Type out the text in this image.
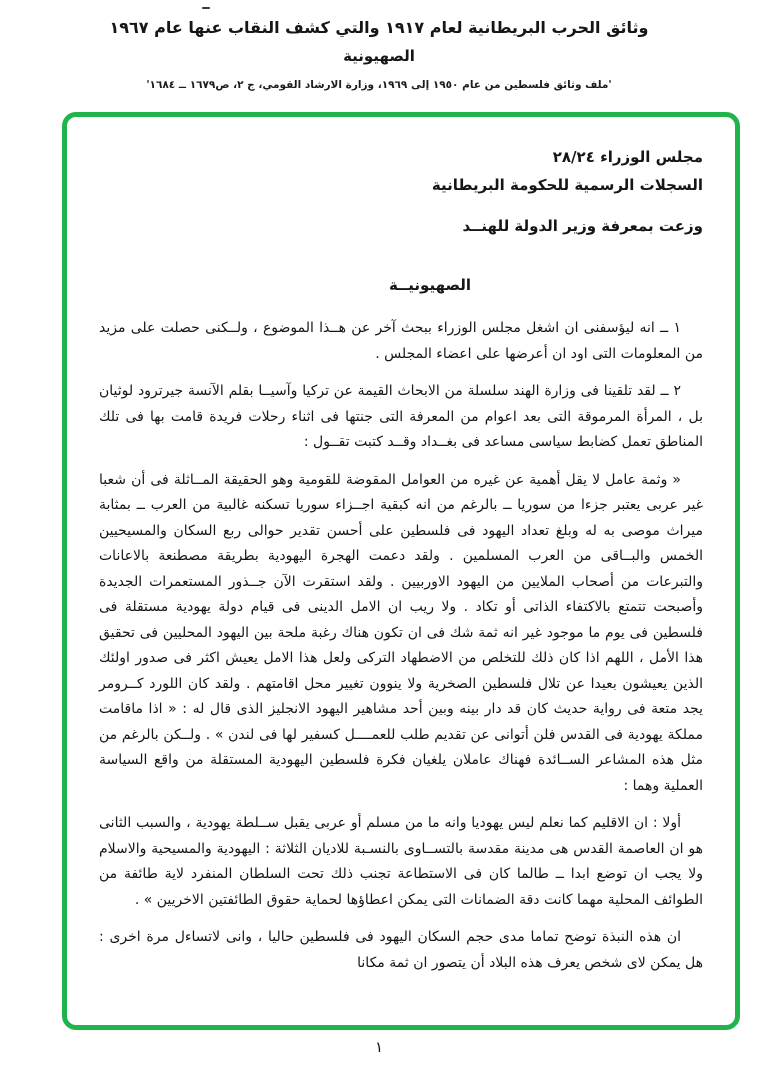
وثائق الحرب البريطانية لعام ١٩١٧ والتي كشف النقاب عنها عام ١٩٦٧
الصهيونية
'ملف وثائق فلسطين من عام ١٩٥٠ إلى ١٩٦٩، وزارة الارشاد القومي، ج ٢، ص١٦٧٩ ــ ١٦٨٤'
مجلس الوزراء ٢٨/٢٤
السجلات الرسمية للحكومة البريطانية
وزعت بمعرفة وزير الدولة للهنــد
الصهيونيــة

١ ــ انه ليؤسفنى ان اشغل مجلس الوزراء ببحث آخر عن هــذا الموضوع ، ولــكنى حصلت على مزيد من المعلومات التى اود ان أعرضها على اعضاء المجلس .

٢ ــ لقد تلقينا فى وزارة الهند سلسلة من الابحاث القيمة عن تركيا وآسيــا بقلم الآنسة جيرترود لوثيان بل ، المرأة المرموقة التى بعد اعوام من المعرفة التى جنتها فى اثناء رحلات فريدة قامت بها فى تلك المناطق تعمل كضابط سياسى مساعد فى بغــداد وقــد كتبت تقــول :

« وثمة عامل لا يقل أهمية عن غيره من العوامل المقوضة للقومية وهو الحقيقة المــاثلة فى أن شعبا غير عربى يعتبر جزءا من سوريا ــ بالرغم من انه كبقية اجــزاء سوريا تسكنه غالبية من العرب ــ بمثابة ميراث موصى به له وبلغ تعداد اليهود فى فلسطين على أحسن تقدير حوالى ربع السكان والمسيحيين الخمس والبــاقى من العرب المسلمين . ولقد دعمت الهجرة اليهودية بطريقة مصطنعة بالاعانات والتبرعات من أصحاب الملايين من اليهود الاوربيين . ولقد استقرت الآن جــذور المستعمرات الجديدة وأصبحت تتمتع بالاكتفاء الذاتى أو تكاد . ولا ريب ان الامل الدينى فى قيام دولة يهودية مستقلة فى فلسطين فى يوم ما موجود غير انه ثمة شك فى ان تكون هناك رغبة ملحة بين اليهود المحليين فى تحقيق هذا الأمل ، اللهم اذا كان ذلك للتخلص من الاضطهاد التركى ولعل هذا الامل يعيش اكثر فى صدور اولئك الذين يعيشون بعيدا عن تلال فلسطين الصخرية ولا ينوون تغيير محل اقامتهم . ولقد كان اللورد كــرومر يجد متعة فى رواية حديث كان قد دار بينه وبين أحد مشاهير اليهود الانجليز الذى قال له : « اذا ماقامت مملكة يهودية فى القدس فلن أتوانى عن تقديم طلب للعمــــل كسفير لها فى لندن » . ولــكن بالرغم من مثل هذه المشاعر الســائدة فهناك عاملان يلغيان فكرة فلسطين اليهودية المستقلة من واقع السياسة العملية وهما :

أولا : ان الاقليم كما نعلم ليس يهوديا وانه ما من مسلم أو عربى يقبل ســلطة يهودية ، والسبب الثانى هو ان العاصمة القدس هى مدينة مقدسة بالتســاوى بالنسـبة للاديان الثلاثة : اليهودية والمسيحية والاسلام ولا يجب ان توضع ابدا ــ طالما كان فى الاستطاعة تجنب ذلك تحت السلطان المنفرد لاية طائفة من الطوائف المحلية مهما كانت دقة الضمانات التى يمكن اعطاؤها لحماية حقوق الطائفتين الاخريين » .

ان هذه النبذة توضح تماما مدى حجم السكان اليهود فى فلسطين حاليا ، وانى لاتساءل مرة اخرى : هل يمكن لاى شخص يعرف هذه البلاد أن يتصور ان ثمة مكانا

١
